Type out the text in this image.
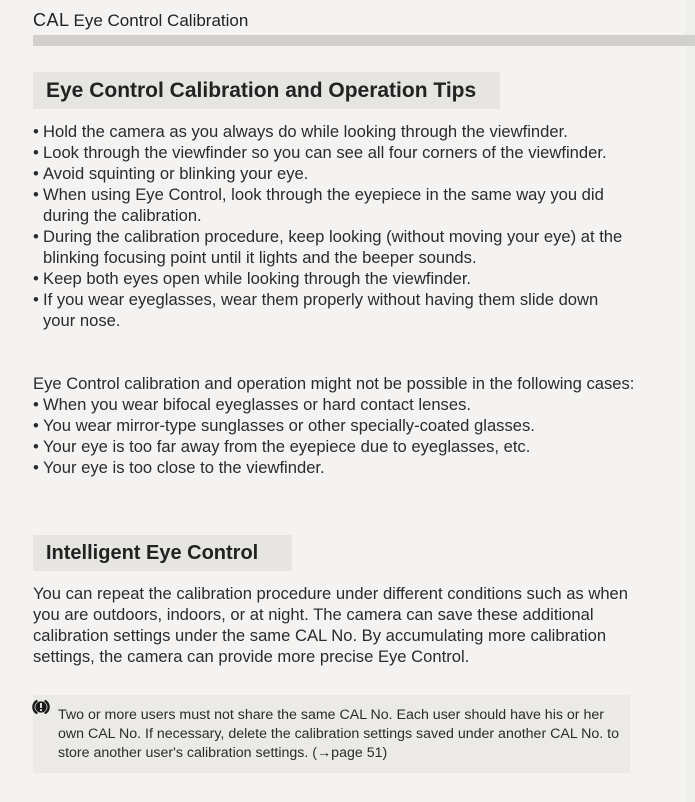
CAL Eye Control Calibration
Eye Control Calibration and Operation Tips
• Hold the camera as you always do while looking through the viewfinder.
• Look through the viewfinder so you can see all four corners of the viewfinder.
• Avoid squinting or blinking your eye.
• When using Eye Control, look through the eyepiece in the same way you did during the calibration.
• During the calibration procedure, keep looking (without moving your eye) at the blinking focusing point until it lights and the beeper sounds.
• Keep both eyes open while looking through the viewfinder.
• If you wear eyeglasses, wear them properly without having them slide down your nose.

Eye Control calibration and operation might not be possible in the following cases:

• When you wear bifocal eyeglasses or hard contact lenses.
• You wear mirror-type sunglasses or other specially-coated glasses.
• Your eye is too far away from the eyepiece due to eyeglasses, etc.
• Your eye is too close to the viewfinder.
Intelligent Eye Control

You can repeat the calibration procedure under different conditions such as when you are outdoors, indoors, or at night. The camera can save these additional calibration settings under the same CAL No. By accumulating more calibration settings, the camera can provide more precise Eye Control.

Two or more users must not share the same CAL No. Each user should have his or her own CAL No. If necessary, delete the calibration settings saved under another CAL No. to store another user's calibration settings. (→page 51)
